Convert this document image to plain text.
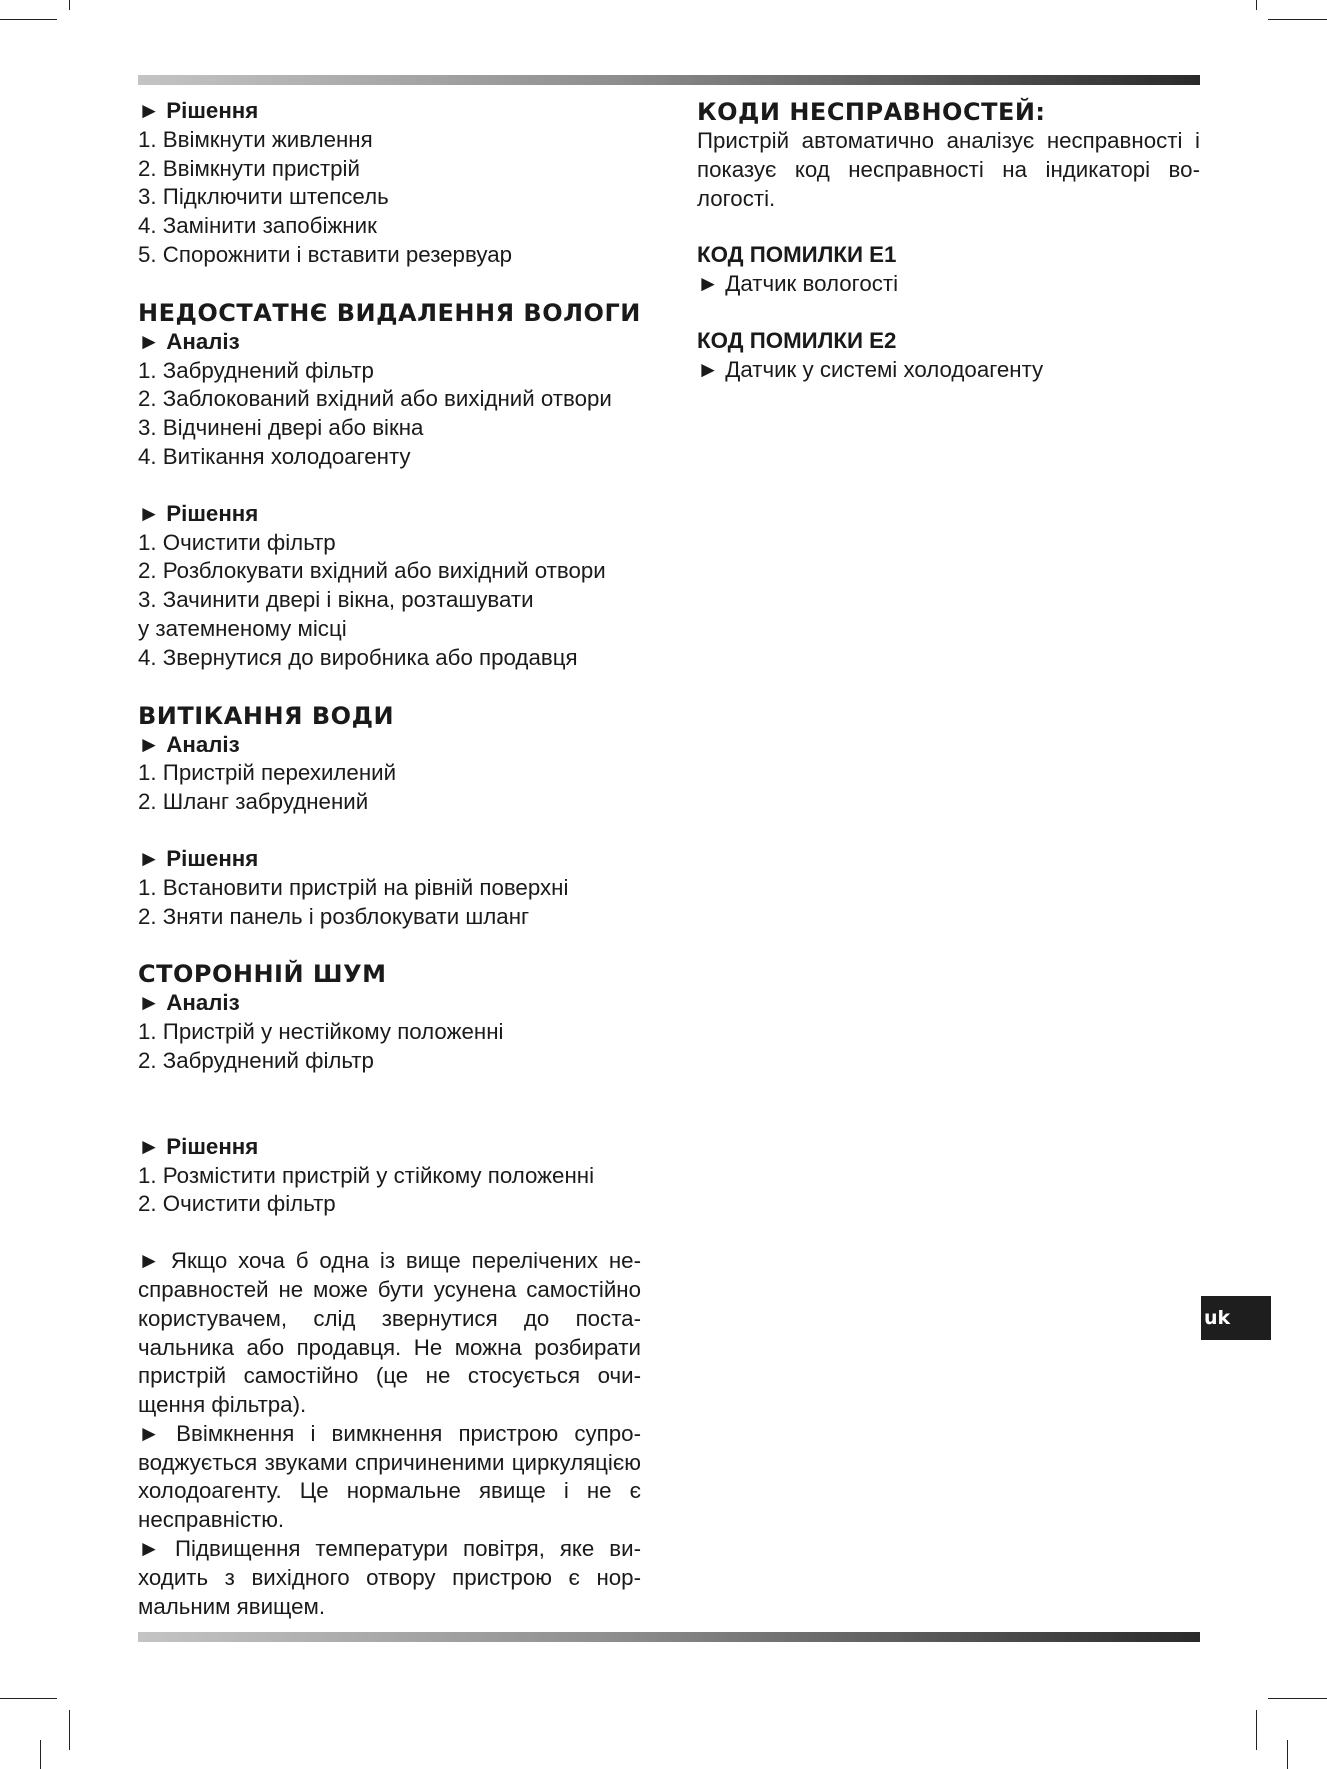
► Рішення
1. Ввімкнути живлення
2. Ввімкнути пристрій
3. Підключити штепсель
4. Замінити запобіжник
5. Спорожнити і вставити резервуар
НЕДОСТАТНЄ ВИДАЛЕННЯ ВОЛОГИ
► Аналіз
1. Забруднений фільтр
2. Заблокований вхідний або вихідний отвори
3. Відчинені двері або вікна
4. Витікання холодоагенту
► Рішення
1. Очистити фільтр
2. Розблокувати вхідний або вихідний отвори
3. Зачинити двері і вікна, розташувати
у затемненому місці
4. Звернутися до виробника або продавця
ВИТІКАННЯ ВОДИ
► Аналіз
1. Пристрій перехилений
2. Шланг забруднений
► Рішення
1. Встановити пристрій на рівній поверхні
2. Зняти панель і розблокувати шланг
СТОРОННІЙ ШУМ
► Аналіз
1. Пристрій у нестійкому положенні
2. Забруднений фільтр
► Рішення
1. Розмістити пристрій у стійкому положенні
2. Очистити фільтр
► Якщо хоча б одна із вище перелічених несправностей не може бути усунена самостійно користувачем, слід звернутися до постачальника або продавця. Не можна розбирати пристрій самостійно (це не стосується очищення фільтра).
► Ввімкнення і вимкнення пристрою супроводжується звуками спричиненими циркуляцією холодоагенту. Це нормальне явище і не є несправністю.
► Підвищення температури повітря, яке виходить з вихідного отвору пристрою є нормальним явищем.
КОДИ НЕСПРАВНОСТЕЙ:
Пристрій автоматично аналізує несправності і показує код несправності на індикаторі вологості.
КОД ПОМИЛКИ Е1
► Датчик вологості
КОД ПОМИЛКИ Е2
► Датчик у системі холодоагенту
uk
